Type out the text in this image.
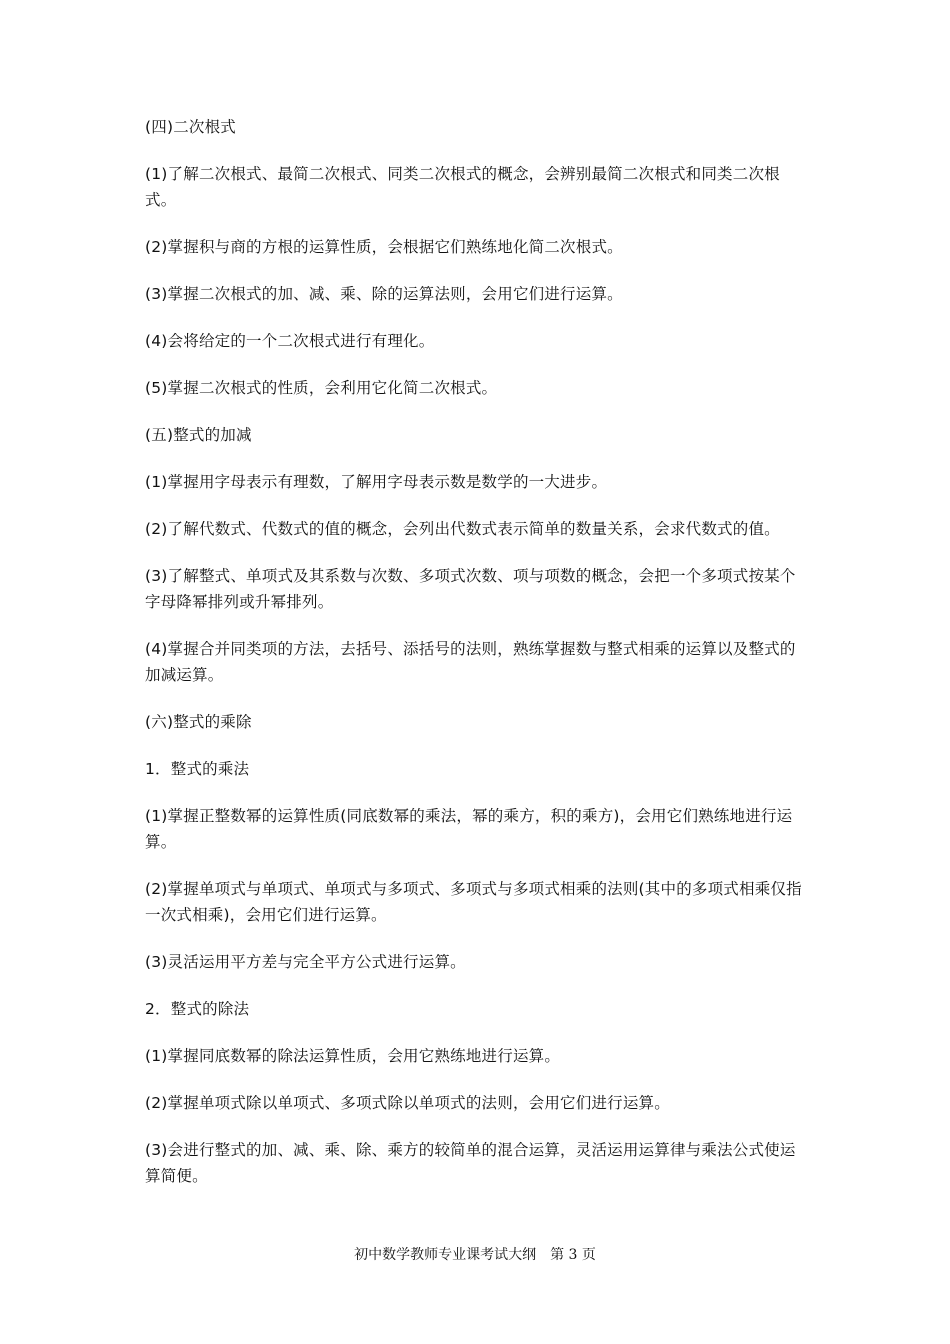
(四)二次根式

(1)了解二次根式、最简二次根式、同类二次根式的概念，会辨别最简二次根式和同类二次根式。

(2)掌握积与商的方根的运算性质，会根据它们熟练地化简二次根式。

(3)掌握二次根式的加、减、乘、除的运算法则，会用它们进行运算。

(4)会将给定的一个二次根式进行有理化。

(5)掌握二次根式的性质，会利用它化简二次根式。

(五)整式的加减

(1)掌握用字母表示有理数，了解用字母表示数是数学的一大进步。

(2)了解代数式、代数式的值的概念，会列出代数式表示简单的数量关系，会求代数式的值。

(3)了解整式、单项式及其系数与次数、多项式次数、项与项数的概念，会把一个多项式按某个字母降幂排列或升幂排列。

(4)掌握合并同类项的方法，去括号、添括号的法则，熟练掌握数与整式相乘的运算以及整式的加减运算。

(六)整式的乘除

1．整式的乘法

(1)掌握正整数幂的运算性质(同底数幂的乘法，幂的乘方，积的乘方)，会用它们熟练地进行运算。

(2)掌握单项式与单项式、单项式与多项式、多项式与多项式相乘的法则(其中的多项式相乘仅指一次式相乘)，会用它们进行运算。

(3)灵活运用平方差与完全平方公式进行运算。

2．整式的除法

(1)掌握同底数幂的除法运算性质，会用它熟练地进行运算。

(2)掌握单项式除以单项式、多项式除以单项式的法则，会用它们进行运算。

(3)会进行整式的加、减、乘、除、乘方的较简单的混合运算，灵活运用运算律与乘法公式使运算简便。

初中数学教师专业课考试大纲　第 3 页
